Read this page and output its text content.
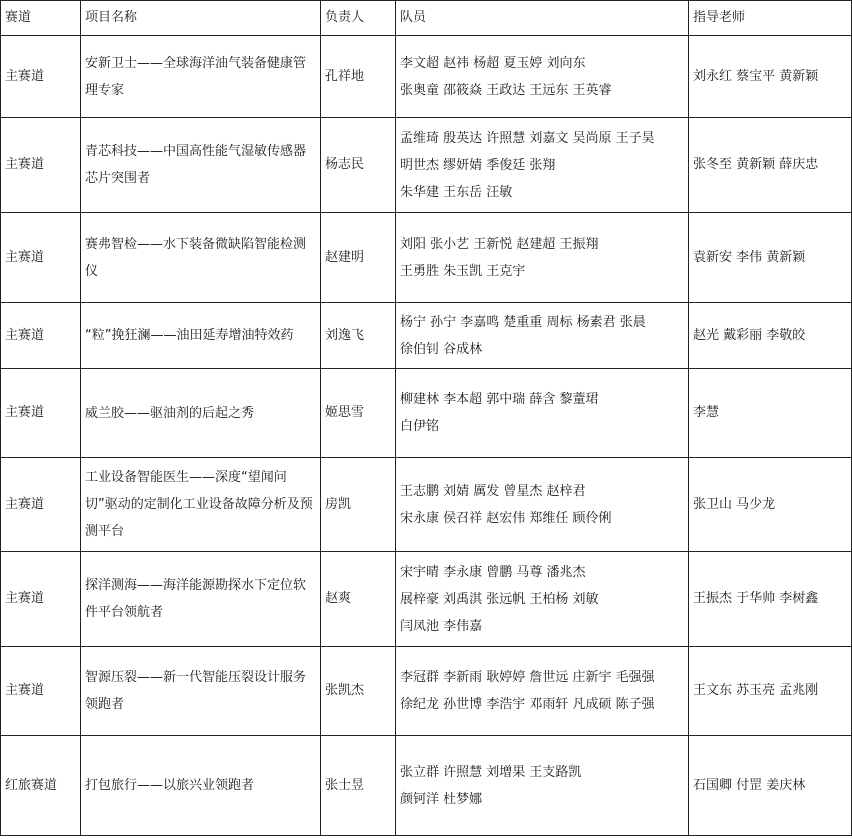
赛道	项目名称	负责人	队员	指导老师
主赛道	安新卫士——全球海洋油气装备健康管理专家	孔祥地	李文超 赵祎 杨超 夏玉婷 刘向东
张奥童 邵筱焱 王政达 王远东 王英睿	刘永红 蔡宝平 黄新颖
主赛道	青芯科技——中国高性能气湿敏传感器芯片突围者	杨志民	孟维琦 殷英达 许照慧 刘嘉文 吴尚原 王子昊
明世杰 缪妍婧 季俊廷 张翔
朱华建 王东岳 汪敏	张冬至 黄新颖 薛庆忠
主赛道	赛弗智检——水下装备微缺陷智能检测仪	赵建明	刘阳 张小艺 王新悦 赵建超 王振翔
王勇胜 朱玉凯 王克宇	袁新安 李伟 黄新颖
主赛道	“粒”挽狂澜——油田延寿增油特效药	刘逸飞	杨宁 孙宁 李嘉鸣 楚重重 周标 杨素君 张晨
徐伯钊 谷成林	赵光 戴彩丽 李敬皎
主赛道	威兰胶——驱油剂的后起之秀	姬思雪	柳建林 李本超 郭中瑞 薛含 黎蕫珺
白伊铭	李慧
主赛道	工业设备智能医生——深度“望闻问切”驱动的定制化工业设备故障分析及预测平台	房凯	王志鹏 刘婧 厲发 曾星杰 赵梓君
宋永康 侯召祥 赵宏伟 郑维任 顾伶俐	张卫山 马少龙
主赛道	探洋测海——海洋能源勘探水下定位软件平台领航者	赵爽	宋宇晴 李永康 曾鹏 马尊 潘兆杰
展梓豪 刘禹淇 张远帆 王柏杨 刘敏
闫凤池 李伟嘉	王振杰 于华帅 李树鑫
主赛道	智源压裂——新一代智能压裂设计服务领跑者	张凯杰	李冠群 李新雨 耿婷婷 詹世远 庄新宇 毛强强
徐纪龙 孙世博 李浩宇 邓雨轩 凡成硕 陈子强	王文东 苏玉亮 孟兆刚
红旅赛道	打包旅行——以旅兴业领跑者	张士昱	张立群 许照慧 刘增果 王支路凯
颜钶洋 杜梦娜	石国卿 付罡 姜庆林
